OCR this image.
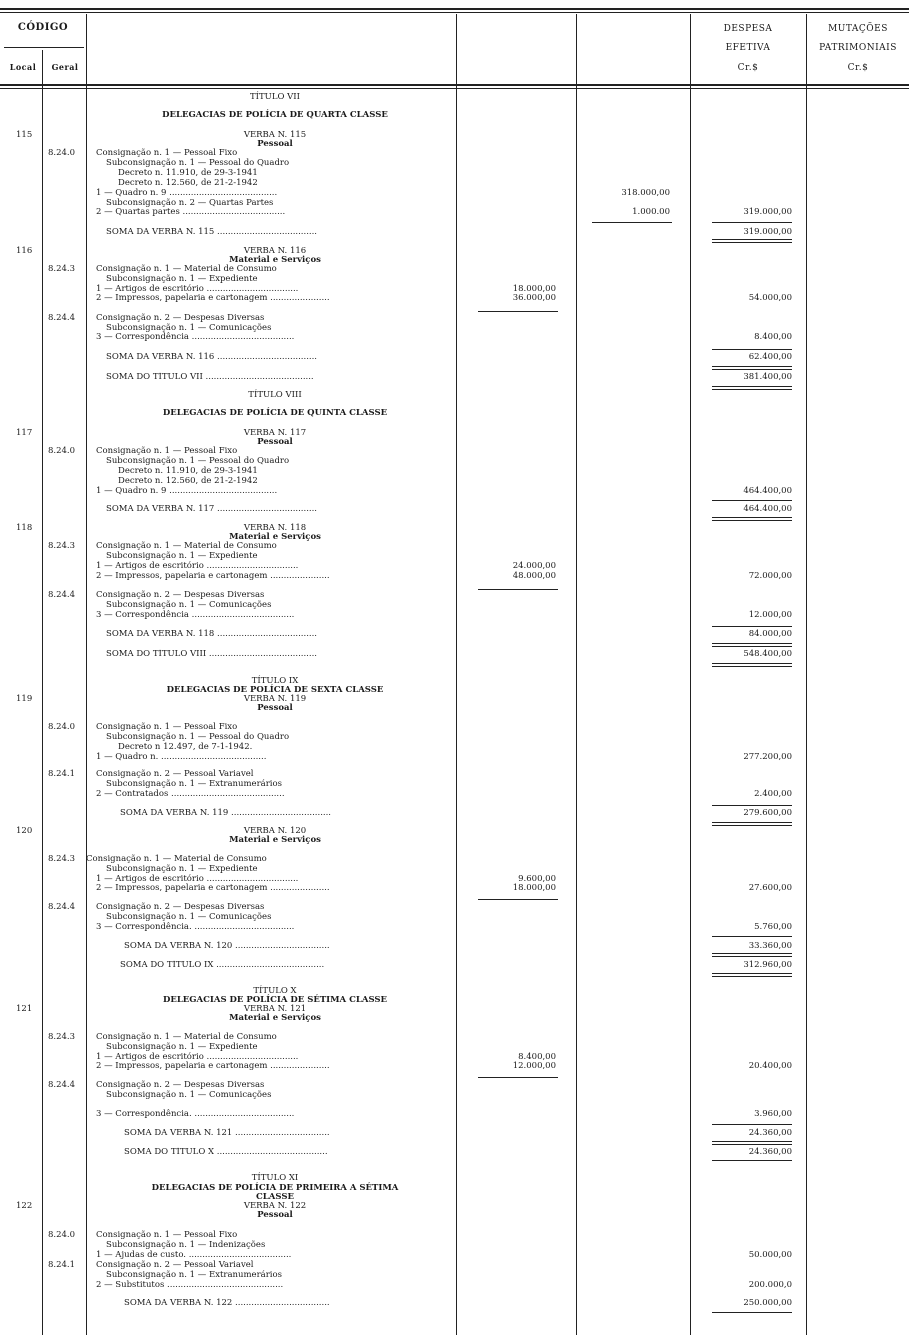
CÓDIGO
Local	Geral
DESPESA
EFETIVA
Cr.$
MUTAÇÕES
PATRIMONIAIS
Cr.$
TÍTULO VII
DELEGACIAS DE POLÍCIA DE QUARTA CLASSE
115	VERBA N. 115
Pessoal
8.24.0 Consignação n. 1 — Pessoal Fixo
Subconsignação n. 1 — Pessoal do Quadro
Decreto n. 11.910, de 29-3-1941
Decreto n. 12.560, de 21-2-1942
1 — Quadro n. 9 ........................................	318.000,00
Subconsignação n. 2 — Quartas Partes
2 — Quartas partes ......................................	1.000.00	319.000,00
SOMA DA VERBA N. 115 .....................................	319.000,00
116	VERBA N. 116
Material e Serviços
8.24.3 Consignação n. 1 — Material de Consumo
Subconsignação n. 1 — Expediente
1 — Artigos de escritório ..................................	18.000,00
2 — Impressos, papelaria e cartonagem ......................	36.000,00	54.000,00
8.24.4 Consignação n. 2 — Despesas Diversas
Subconsignação n. 1 — Comunicações
3 — Correspondência ......................................	8.400,00
SOMA DA VERBA N. 116 .....................................	62.400,00
SOMA DO TÍTULO VII ........................................	381.400,00
TÍTULO VIII
DELEGACIAS DE POLÍCIA DE QUINTA CLASSE
117	VERBA N. 117
Pessoal
8.24.0 Consignação n. 1 — Pessoal Fixo
Subconsignação n. 1 — Pessoal do Quadro
Decreto n. 11.910, de 29-3-1941
Decreto n. 12.560, de 21-2-1942
1 — Quadro n. 9 ........................................	464.400,00
SOMA DA VERBA N. 117 .....................................	464.400,00
118	VERBA N. 118
Material e Serviços
8.24.3 Consignação n. 1 — Material de Consumo
Subconsignação n. 1 — Expediente
1 — Artigos de escritório ..................................	24.000,00
2 — Impressos, papelaria e cartonagem ......................	48.000,00	72.000,00
8.24.4 Consignação n. 2 — Despesas Diversas
Subconsignação n. 1 — Comunicações
3 — Correspondência ......................................	12.000,00
SOMA DA VERBA N. 118 .....................................	84.000,00
SOMA DO TÍTULO VIII ........................................	548.400,00
TÍTULO IX
DELEGACIAS DE POLÍCIA DE SEXTA CLASSE
119	VERBA N. 119
Pessoal
8.24.0 Consignação n. 1 — Pessoal Fixo
Subconsignação n. 1 — Pessoal do Quadro
Decreto n 12.497, de 7-1-1942.
1 — Quadro n. .......................................	277.200,00
8.24.1 Consignação n. 2 — Pessoal Variavel
Subconsignação n. 1 — Extranumerários
2 — Contratados ..........................................	2.400,00
SOMA DA VERBA N. 119 .....................................	279.600,00
120	VERBA N. 120
Material e Serviços
8.24.3 Consignação n. 1 — Material de Consumo
Subconsignação n. 1 — Expediente
1 — Artigos de escritório ..................................	9.600,00
2 — Impressos, papelaria e cartonagem ......................	18.000,00	27.600,00
8.24.4 Consignação n. 2 — Despesas Diversas
Subconsignação n. 1 — Comunicações
3 — Correspondência. .....................................	5.760,00
SOMA DA VERBA N. 120 ...................................	33.360,00
SOMA DO TÍTULO IX ........................................	312.960,00
TÍTULO X
DELEGACIAS DE POLÍCIA DE SÉTIMA CLASSE
121	VERBA N. 121
Material e Serviços
8.24.3 Consignação n. 1 — Material de Consumo
Subconsignação n. 1 — Expediente
1 — Artigos de escritório ..................................	8.400,00
2 — Impressos, papelaria e cartonagem ......................	12.000,00	20.400,00
8.24.4 Consignação n. 2 — Despesas Diversas
Subconsignação n. 1 — Comunicações
3 — Correspondência. .....................................	3.960,00
SOMA DA VERBA N. 121 ...................................	24.360,00
SOMA DO TÍTULO X .........................................	24.360,00
TÍTULO XI
DELEGACIAS DE POLÍCIA DE PRIMEIRA A SÉTIMA
CLASSE
122	VERBA N. 122
Pessoal
8.24.0 Consignação n. 1 — Pessoal Fixo
Subconsignação n. 1 — Indenizações
1 — Ajudas de custo. ......................................	50.000,00
8.24.1 Consignação n. 2 — Pessoal Variavel
Subconsignação n. 1 — Extranumerários
2 — Substitutos ...........................................	200.000,0
SOMA DA VERBA N. 122 ...................................	250.000,00
